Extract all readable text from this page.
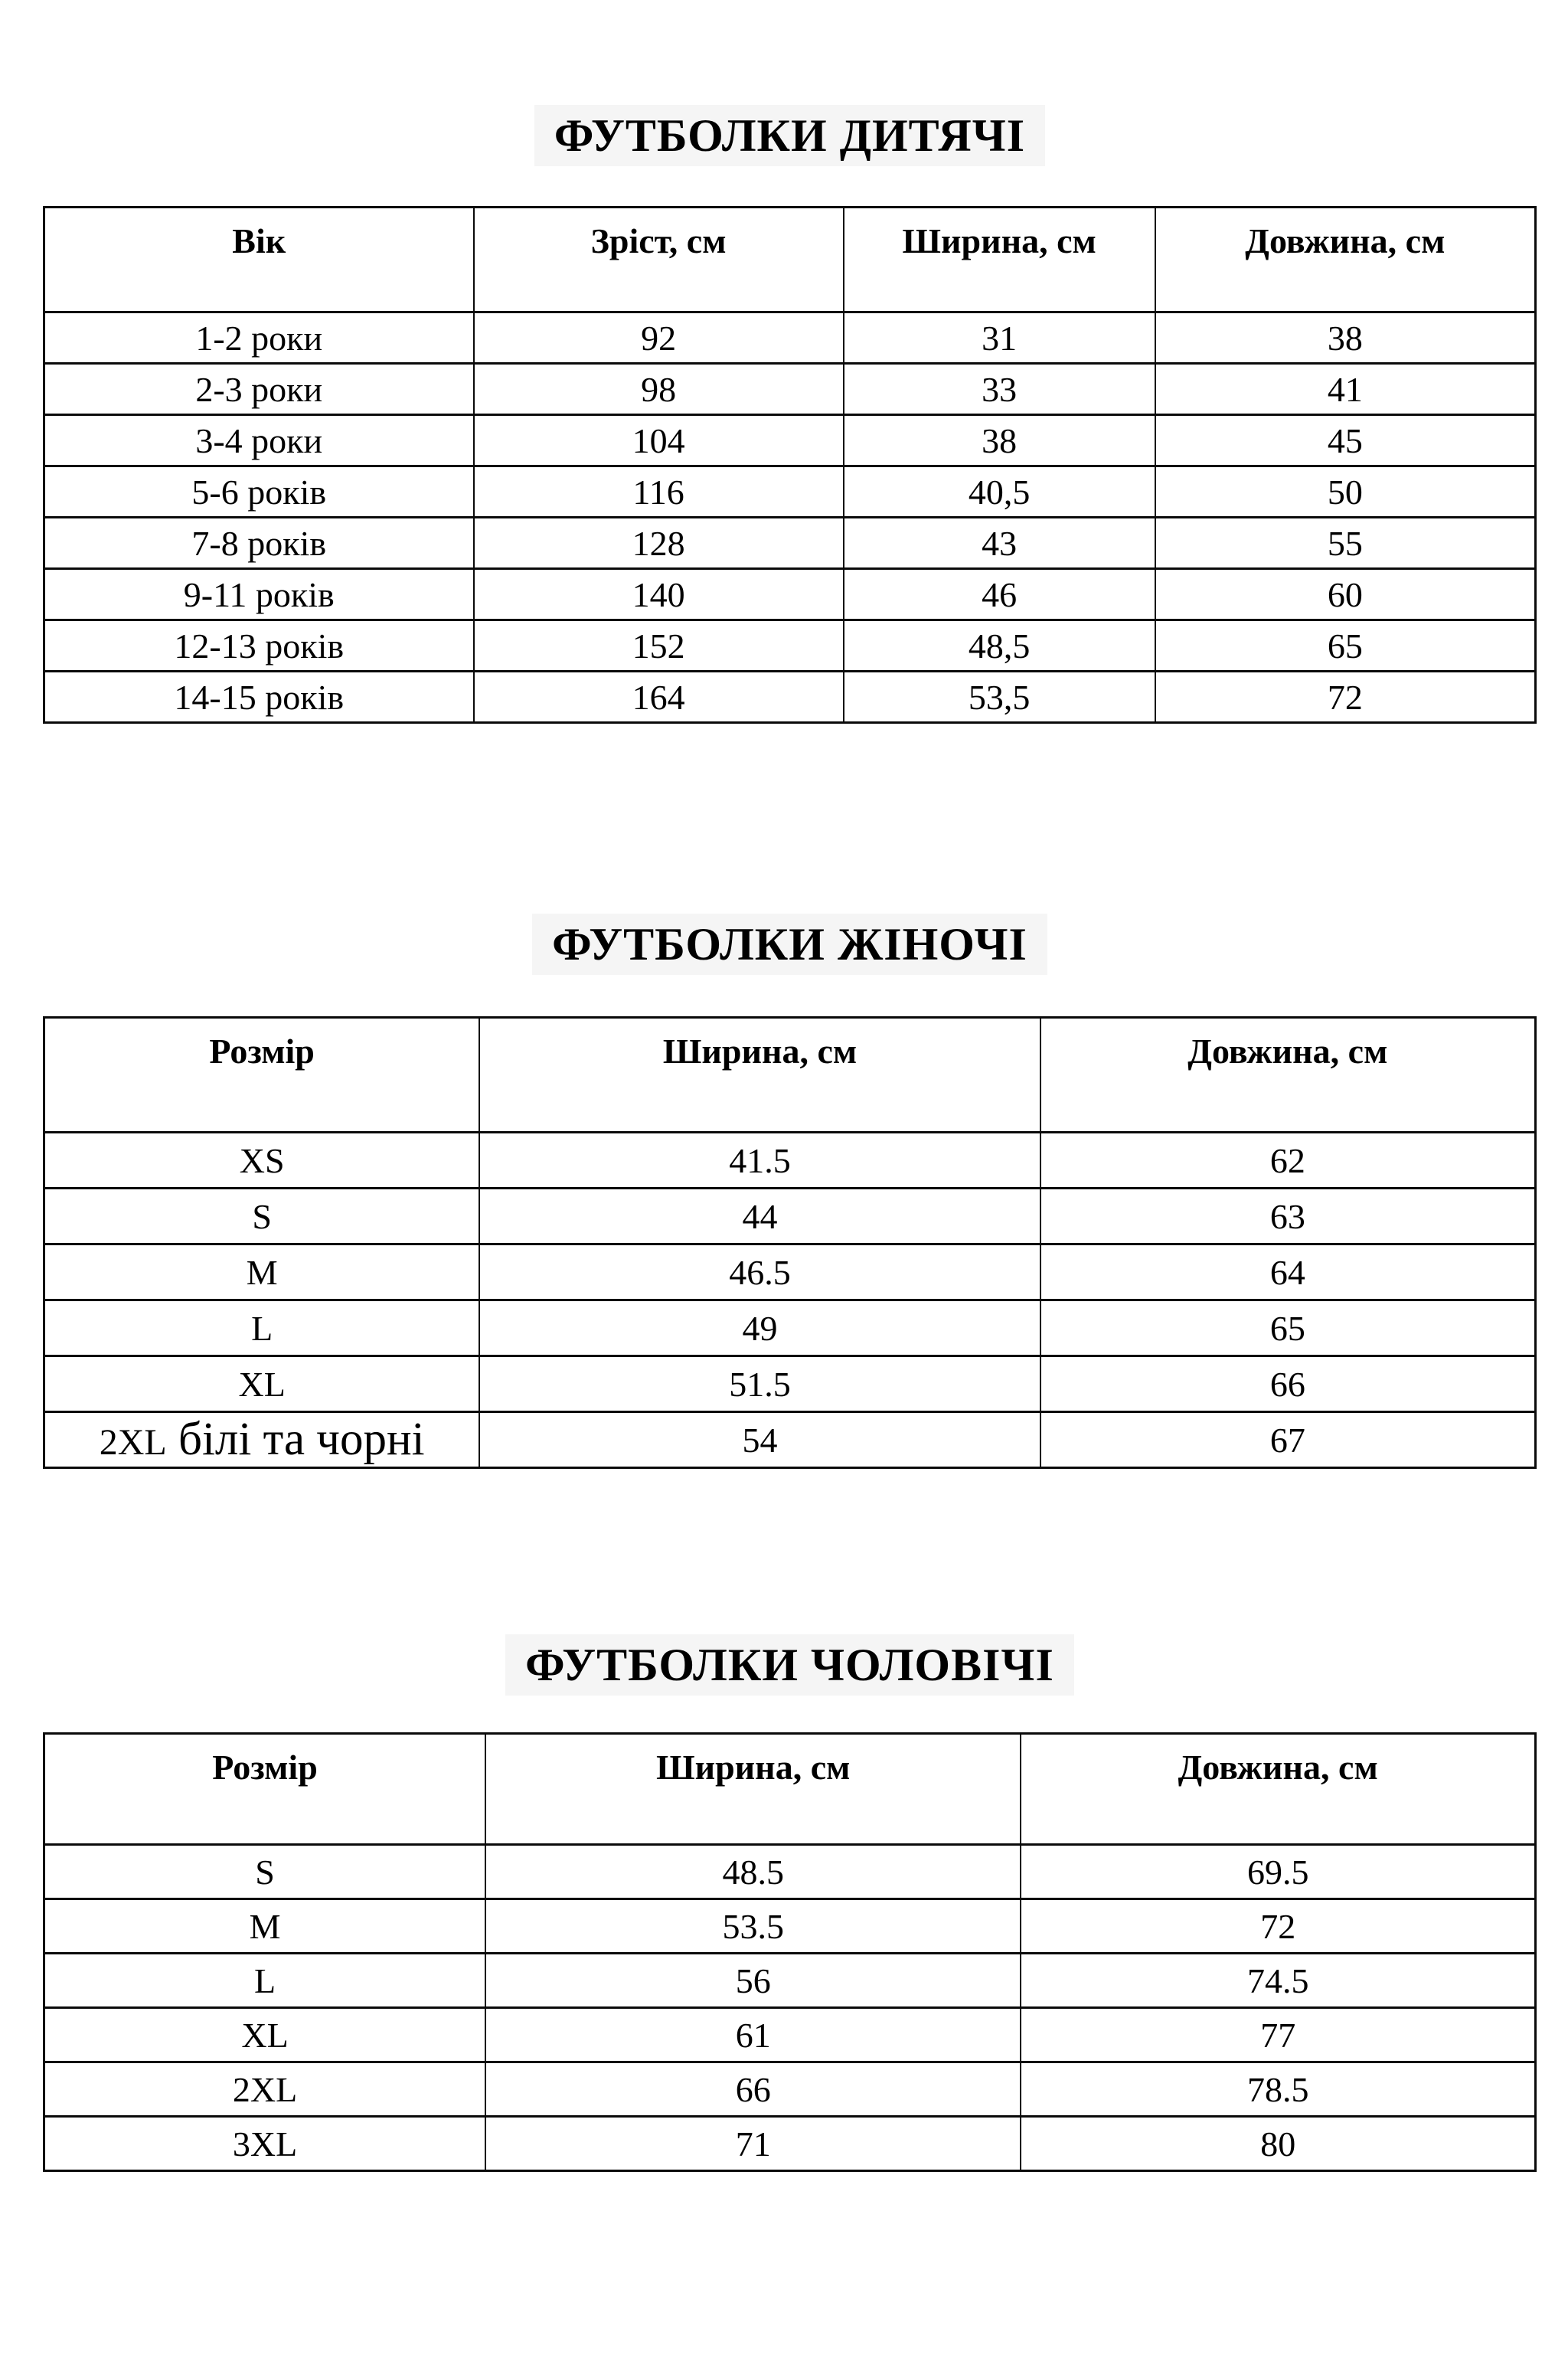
ФУТБОЛКИ ДИТЯЧІ
Вік	Зріст, см	Ширина, см	Довжина, см
1-2 роки	92	31	38
2-3 роки	98	33	41
3-4 роки	104	38	45
5-6 років	116	40,5	50
7-8 років	128	43	55
9-11 років	140	46	60
12-13 років	152	48,5	65
14-15 років	164	53,5	72
ФУТБОЛКИ ЖІНОЧІ
Розмір	Ширина, см	Довжина, см
XS	41.5	62
S	44	63
M	46.5	64
L	49	65
XL	51.5	66
2XL білі та чорні	54	67
ФУТБОЛКИ ЧОЛОВІЧІ
Розмір	Ширина, см	Довжина, см
S	48.5	69.5
M	53.5	72
L	56	74.5
XL	61	77
2XL	66	78.5
3XL	71	80
